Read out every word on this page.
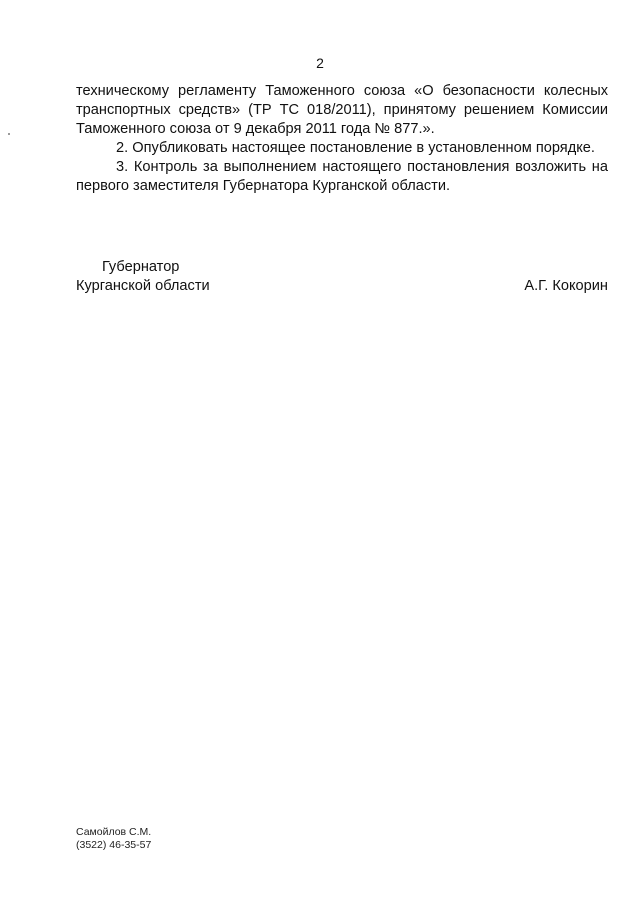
2

техническому регламенту Таможенного союза «О безопасности колесных транспортных средств» (ТР ТС 018/2011), принятому решением Комиссии Таможенного союза от 9 декабря 2011 года № 877.».

2. Опубликовать настоящее постановление в установленном порядке.

3. Контроль за выполнением настоящего постановления возложить на первого заместителя Губернатора Курганской области.

Губернатор
Курганской области	А.Г. Кокорин
Самойлов С.М.
(3522) 46-35-57
